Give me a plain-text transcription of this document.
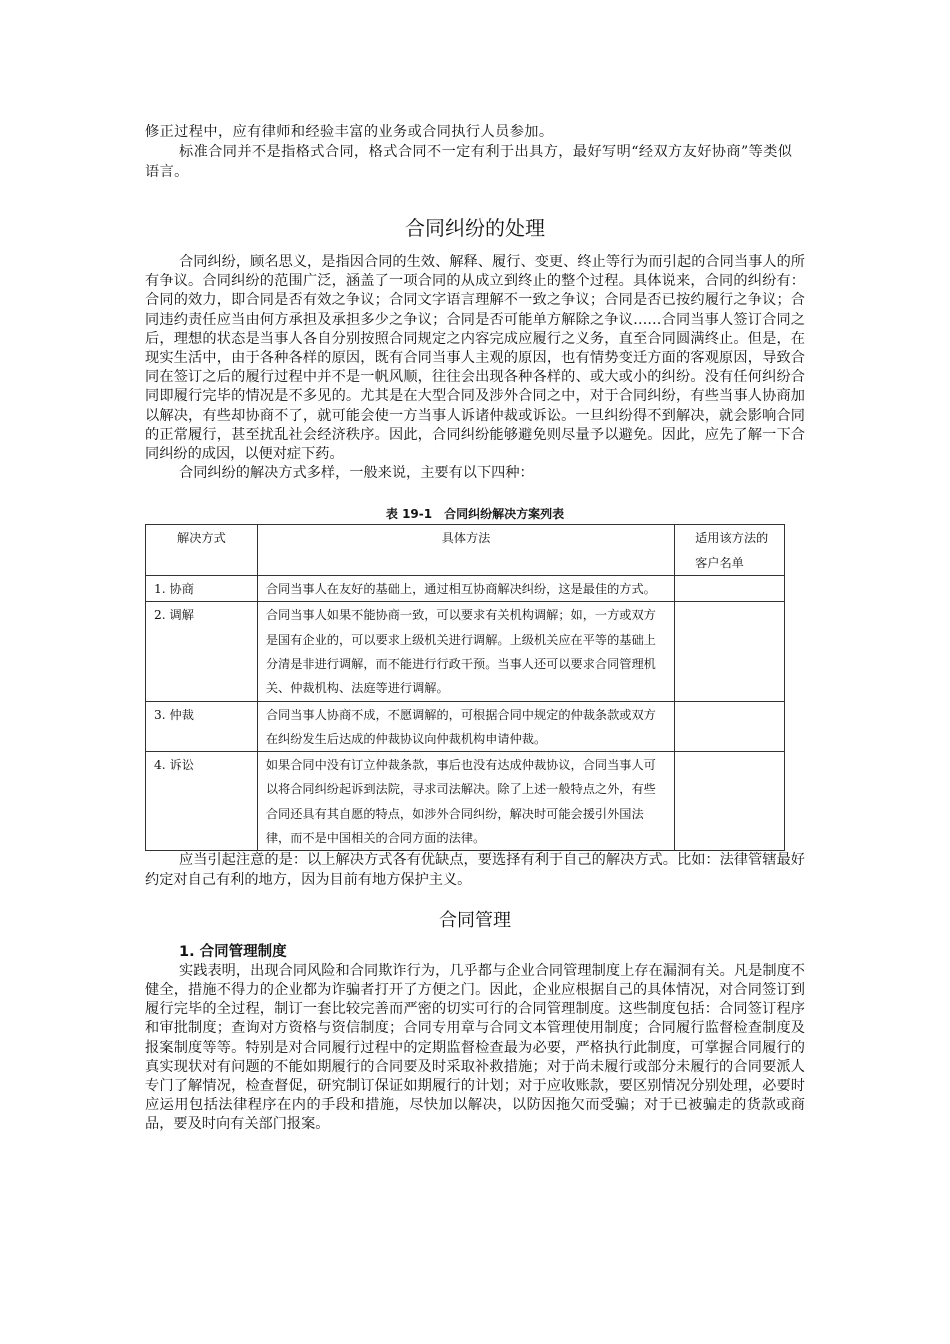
修正过程中，应有律师和经验丰富的业务或合同执行人员参加。

标准合同并不是指格式合同，格式合同不一定有利于出具方，最好写明“经双方友好协商”等类似语言。

合同纠纷的处理

合同纠纷，顾名思义，是指因合同的生效、解释、履行、变更、终止等行为而引起的合同当事人的所有争议。合同纠纷的范围广泛，涵盖了一项合同的从成立到终止的整个过程。具体说来，合同的纠纷有：合同的效力，即合同是否有效之争议；合同文字语言理解不一致之争议；合同是否已按约履行之争议；合同违约责任应当由何方承担及承担多少之争议；合同是否可能单方解除之争议……合同当事人签订合同之后，理想的状态是当事人各自分别按照合同规定之内容完成应履行之义务，直至合同圆满终止。但是，在现实生活中，由于各种各样的原因，既有合同当事人主观的原因，也有情势变迁方面的客观原因，导致合同在签订之后的履行过程中并不是一帆风顺，往往会出现各种各样的、或大或小的纠纷。没有任何纠纷合同即履行完毕的情况是不多见的。尤其是在大型合同及涉外合同之中，对于合同纠纷，有些当事人协商加以解决，有些却协商不了，就可能会使一方当事人诉诸仲裁或诉讼。一旦纠纷得不到解决，就会影响合同的正常履行，甚至扰乱社会经济秩序。因此，合同纠纷能够避免则尽量予以避免。因此，应先了解一下合同纠纷的成因，以便对症下药。

合同纠纷的解决方式多样，一般来说，主要有以下四种：

表 19-1　合同纠纷解决方案列表
解决方式	具体方法	适用该方法的客户名单
1. 协商	合同当事人在友好的基础上，通过相互协商解决纠纷，这是最佳的方式。	
2. 调解	合同当事人如果不能协商一致，可以要求有关机构调解；如，一方或双方是国有企业的，可以要求上级机关进行调解。上级机关应在平等的基础上分清是非进行调解，而不能进行行政干预。当事人还可以要求合同管理机关、仲裁机构、法庭等进行调解。	
3. 仲裁	合同当事人协商不成，不愿调解的，可根据合同中规定的仲裁条款或双方在纠纷发生后达成的仲裁协议向仲裁机构申请仲裁。	
4. 诉讼	如果合同中没有订立仲裁条款，事后也没有达成仲裁协议，合同当事人可以将合同纠纷起诉到法院，寻求司法解决。除了上述一般特点之外，有些合同还具有其自愿的特点，如涉外合同纠纷，解决时可能会援引外国法律，而不是中国相关的合同方面的法律。	

应当引起注意的是：以上解决方式各有优缺点，要选择有利于自己的解决方式。比如：法律管辖最好约定对自己有利的地方，因为目前有地方保护主义。

合同管理
1. 合同管理制度

实践表明，出现合同风险和合同欺诈行为，几乎都与企业合同管理制度上存在漏洞有关。凡是制度不健全，措施不得力的企业都为诈骗者打开了方便之门。因此，企业应根据自己的具体情况，对合同签订到履行完毕的全过程，制订一套比较完善而严密的切实可行的合同管理制度。这些制度包括：合同签订程序和审批制度；查询对方资格与资信制度；合同专用章与合同文本管理使用制度；合同履行监督检查制度及报案制度等等。特别是对合同履行过程中的定期监督检查最为必要，严格执行此制度，可掌握合同履行的真实现状对有问题的不能如期履行的合同要及时采取补救措施；对于尚未履行或部分未履行的合同要派人专门了解情况，检查督促，研究制订保证如期履行的计划；对于应收账款，要区别情况分别处理，必要时应运用包括法律程序在内的手段和措施，尽快加以解决，以防因拖欠而受骗；对于已被骗走的货款或商品，要及时向有关部门报案。
